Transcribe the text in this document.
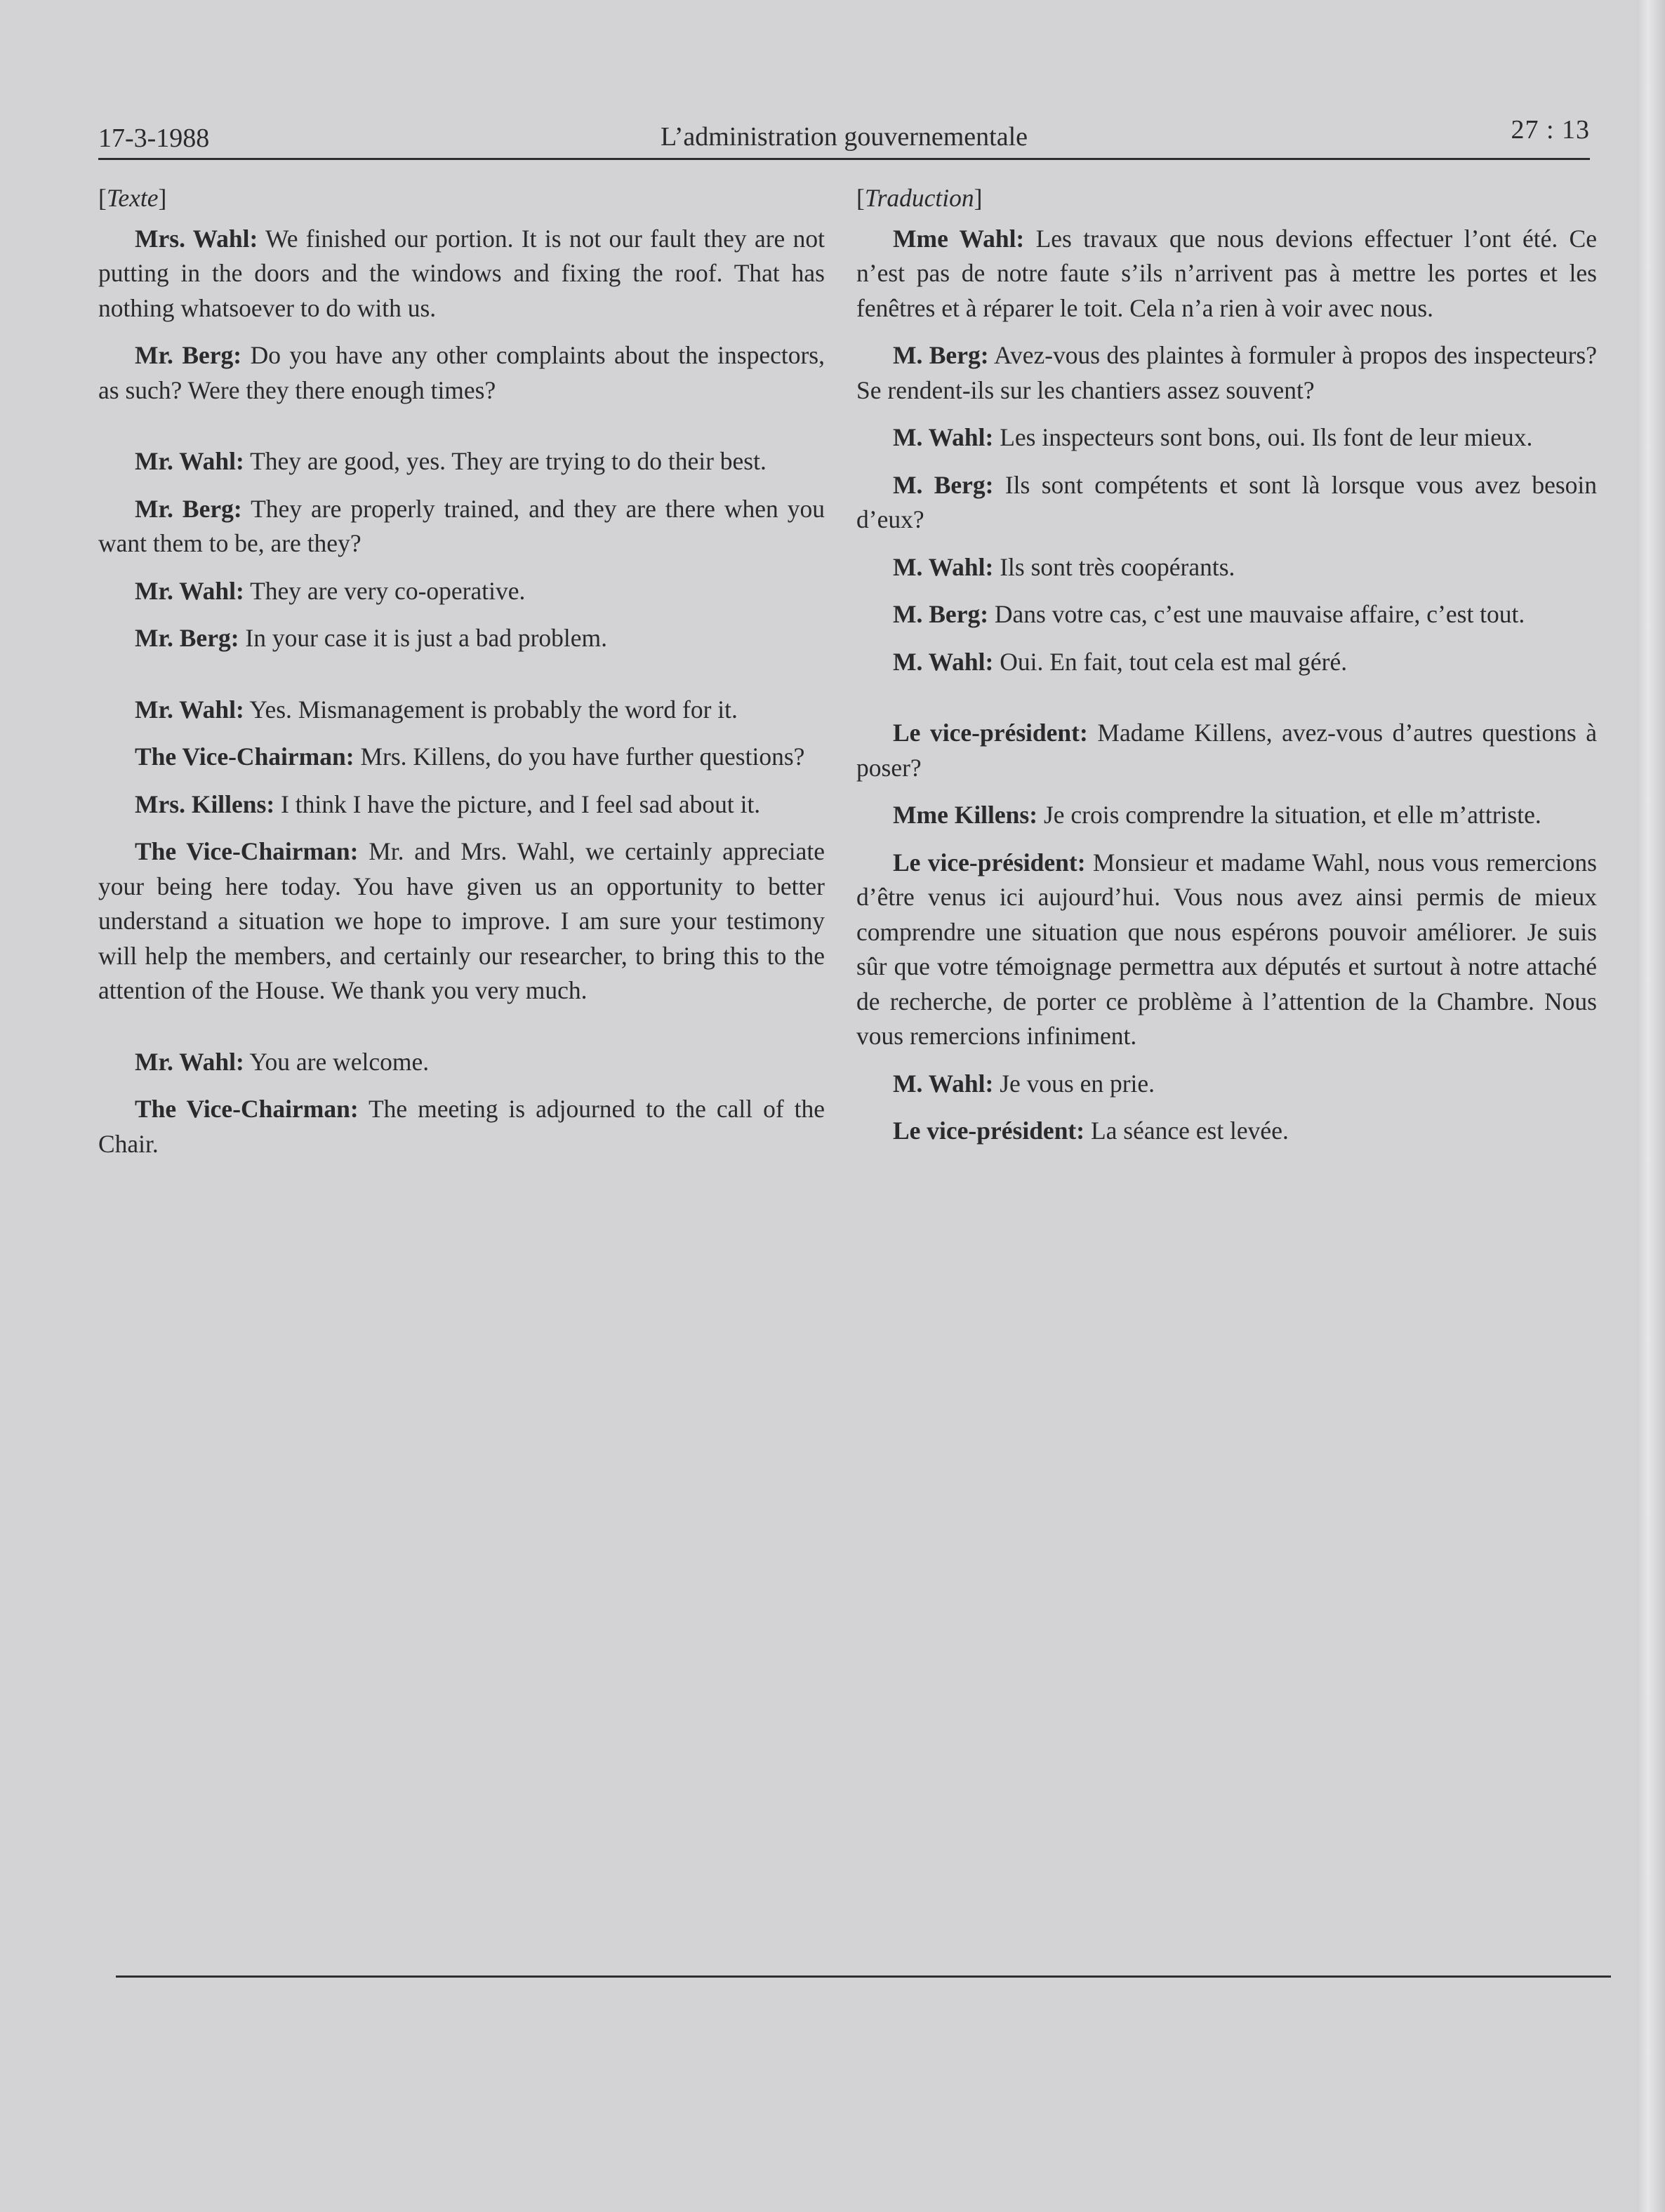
17-3-1988	L’administration gouvernementale	27 : 13
[Texte]

Mrs. Wahl: We finished our portion. It is not our fault they are not putting in the doors and the windows and fixing the roof. That has nothing whatsoever to do with us.

Mr. Berg: Do you have any other complaints about the inspectors, as such? Were they there enough times?

Mr. Wahl: They are good, yes. They are trying to do their best.

Mr. Berg: They are properly trained, and they are there when you want them to be, are they?

Mr. Wahl: They are very co-operative.

Mr. Berg: In your case it is just a bad problem.

Mr. Wahl: Yes. Mismanagement is probably the word for it.

The Vice-Chairman: Mrs. Killens, do you have further questions?

Mrs. Killens: I think I have the picture, and I feel sad about it.

The Vice-Chairman: Mr. and Mrs. Wahl, we certainly appreciate your being here today. You have given us an opportunity to better understand a situation we hope to improve. I am sure your testimony will help the members, and certainly our researcher, to bring this to the attention of the House. We thank you very much.

Mr. Wahl: You are welcome.

The Vice-Chairman: The meeting is adjourned to the call of the Chair.

[Traduction]

Mme Wahl: Les travaux que nous devions effectuer l’ont été. Ce n’est pas de notre faute s’ils n’arrivent pas à mettre les portes et les fenêtres et à réparer le toit. Cela n’a rien à voir avec nous.

M. Berg: Avez-vous des plaintes à formuler à propos des inspecteurs? Se rendent-ils sur les chantiers assez souvent?

M. Wahl: Les inspecteurs sont bons, oui. Ils font de leur mieux.

M. Berg: Ils sont compétents et sont là lorsque vous avez besoin d’eux?

M. Wahl: Ils sont très coopérants.

M. Berg: Dans votre cas, c’est une mauvaise affaire, c’est tout.

M. Wahl: Oui. En fait, tout cela est mal géré.

Le vice-président: Madame Killens, avez-vous d’autres questions à poser?

Mme Killens: Je crois comprendre la situation, et elle m’attriste.

Le vice-président: Monsieur et madame Wahl, nous vous remercions d’être venus ici aujourd’hui. Vous nous avez ainsi permis de mieux comprendre une situation que nous espérons pouvoir améliorer. Je suis sûr que votre témoignage permettra aux députés et surtout à notre attaché de recherche, de porter ce problème à l’attention de la Chambre. Nous vous remercions infiniment.

M. Wahl: Je vous en prie.

Le vice-président: La séance est levée.
